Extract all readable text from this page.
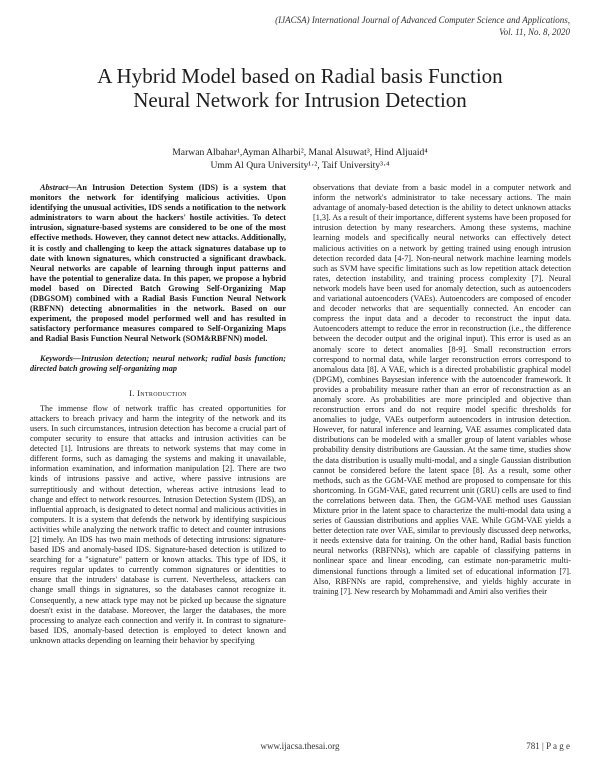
(IJACSA) International Journal of Advanced Computer Science and Applications,
Vol. 11, No. 8, 2020
A Hybrid Model based on Radial basis Function
Neural Network for Intrusion Detection
Marwan Albahar¹,Ayman Alharbi², Manal Alsuwat³, Hind Aljuaid⁴
Umm Al Qura University¹·², Taif University³·⁴

Abstract—An Intrusion Detection System (IDS) is a system that monitors the network for identifying malicious activities. Upon identifying the unusual activities, IDS sends a notification to the network administrators to warn about the hackers' hostile activities. To detect intrusion, signature-based systems are considered to be one of the most effective methods. However, they cannot detect new attacks. Additionally, it is costly and challenging to keep the attack signatures database up to date with known signatures, which constructed a significant drawback. Neural networks are capable of learning through input patterns and have the potential to generalize data. In this paper, we propose a hybrid model based on Directed Batch Growing Self-Organizing Map (DBGSOM) combined with a Radial Basis Function Neural Network (RBFNN) detecting abnormalities in the network. Based on our experiment, the proposed model performed well and has resulted in satisfactory performance measures compared to Self-Organizing Maps and Radial Basis Function Neural Network (SOM&RBFNN) model.

Keywords—Intrusion detection; neural network; radial basis function; directed batch growing self-organizing map

I. Introduction

The immense flow of network traffic has created opportunities for attackers to breach privacy and harm the integrity of the network and its users. In such circumstances, intrusion detection has become a crucial part of computer security to ensure that attacks and intrusion activities can be detected [1]. Intrusions are threats to network systems that may come in different forms, such as damaging the systems and making it unavailable, information examination, and information manipulation [2]. There are two kinds of intrusions passive and active, where passive intrusions are surreptitiously and without detection, whereas active intrusions lead to change and effect to network resources. Intrusion Detection System (IDS), an influential approach, is designated to detect normal and malicious activities in computers. It is a system that defends the network by identifying suspicious activities while analyzing the network traffic to detect and counter intrusions [2] timely. An IDS has two main methods of detecting intrusions: signature-based IDS and anomaly-based IDS. Signature-based detection is utilized to searching for a "signature" pattern or known attacks. This type of IDS, it requires regular updates to currently common signatures or identities to ensure that the intruders' database is current. Nevertheless, attackers can change small things in signatures, so the databases cannot recognize it. Consequently, a new attack type may not be picked up because the signature doesn't exist in the database. Moreover, the larger the databases, the more processing to analyze each connection and verify it. In contrast to signature-based IDS, anomaly-based detection is employed to detect known and unknown attacks depending on learning their behavior by specifying

observations that deviate from a basic model in a computer network and inform the network's administrator to take necessary actions. The main advantage of anomaly-based detection is the ability to detect unknown attacks [1,3]. As a result of their importance, different systems have been proposed for intrusion detection by many researchers. Among these systems, machine learning models and specifically neural networks can effectively detect malicious activities on a network by getting trained using enough intrusion detection recorded data [4-7]. Non-neural network machine learning models such as SVM have specific limitations such as low repetition attack detection rates, detection instability, and training process complexity [7]. Neural network models have been used for anomaly detection, such as autoencoders and variational autoencoders (VAEs). Autoencoders are composed of encoder and decoder networks that are sequentially connected. An encoder can compress the input data and a decoder to reconstruct the input data. Autoencoders attempt to reduce the error in reconstruction (i.e., the difference between the decoder output and the original input). This error is used as an anomaly score to detect anomalies [8-9]. Small reconstruction errors correspond to normal data, while larger reconstruction errors correspond to anomalous data [8]. A VAE, which is a directed probabilistic graphical model (DPGM), combines Baysesian inference with the autoencoder framework. It provides a probability measure rather than an error of reconstruction as an anomaly score. As probabilities are more principled and objective than reconstruction errors and do not require model specific thresholds for anomalies to judge, VAEs outperform autoencoders in intrusion detection. However, for natural inference and learning, VAE assumes complicated data distributions can be modeled with a smaller group of latent variables whose probability density distributions are Gaussian. At the same time, studies show the data distribution is usually multi-modal, and a single Gaussian distribution cannot be considered before the latent space [8]. As a result, some other methods, such as the GGM-VAE method are proposed to compensate for this shortcoming. In GGM-VAE, gated recurrent unit (GRU) cells are used to find the correlations between data. Then, the GGM-VAE method uses Gaussian Mixture prior in the latent space to characterize the multi-modal data using a series of Gaussian distributions and applies VAE. While GGM-VAE yields a better detection rate over VAE, similar to previously discussed deep networks, it needs extensive data for training. On the other hand, Radial basis function neural networks (RBFNNs), which are capable of classifying patterns in nonlinear space and linear encoding, can estimate non-parametric multi-dimensional functions through a limited set of educational information [7]. Also, RBFNNs are rapid, comprehensive, and yields highly accurate in training [7]. New research by Mohammadi and Amiri also verifies their

www.ijacsa.thesai.org	781 | P a g e
